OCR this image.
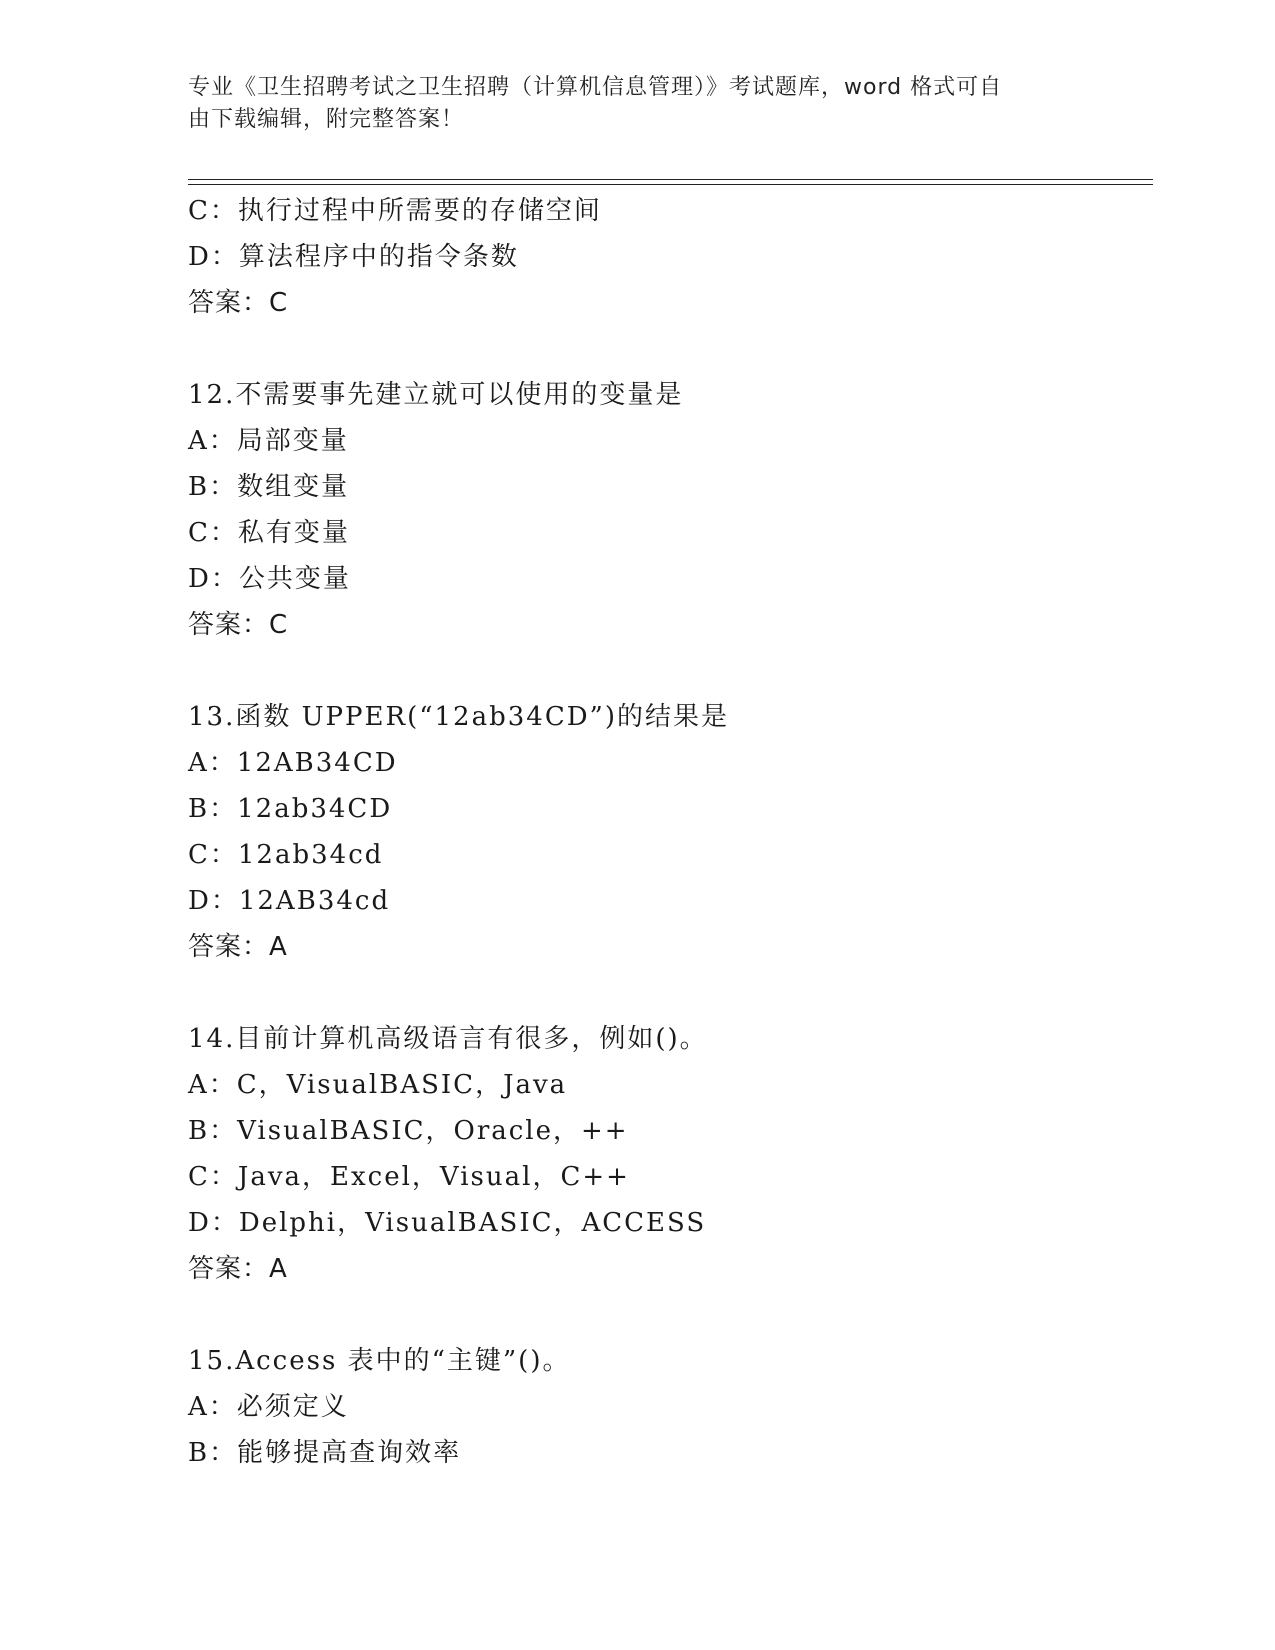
专业《卫生招聘考试之卫生招聘（计算机信息管理）》考试题库，word 格式可自
由下载编辑，附完整答案！
C：执行过程中所需要的存储空间
D：算法程序中的指令条数
答案：C
12.不需要事先建立就可以使用的变量是
A：局部变量
B：数组变量
C：私有变量
D：公共变量
答案：C
13.函数 UPPER(“12ab34CD”)的结果是
A：12AB34CD
B：12ab34CD
C：12ab34cd
D：12AB34cd
答案：A
14.目前计算机高级语言有很多，例如()。
A：C，VisualBASIC，Java
B：VisualBASIC，Oracle，++
C：Java，Excel，Visual，C++
D：Delphi，VisualBASIC，ACCESS
答案：A
15.Access 表中的“主键”()。
A：必须定义
B：能够提高查询效率
